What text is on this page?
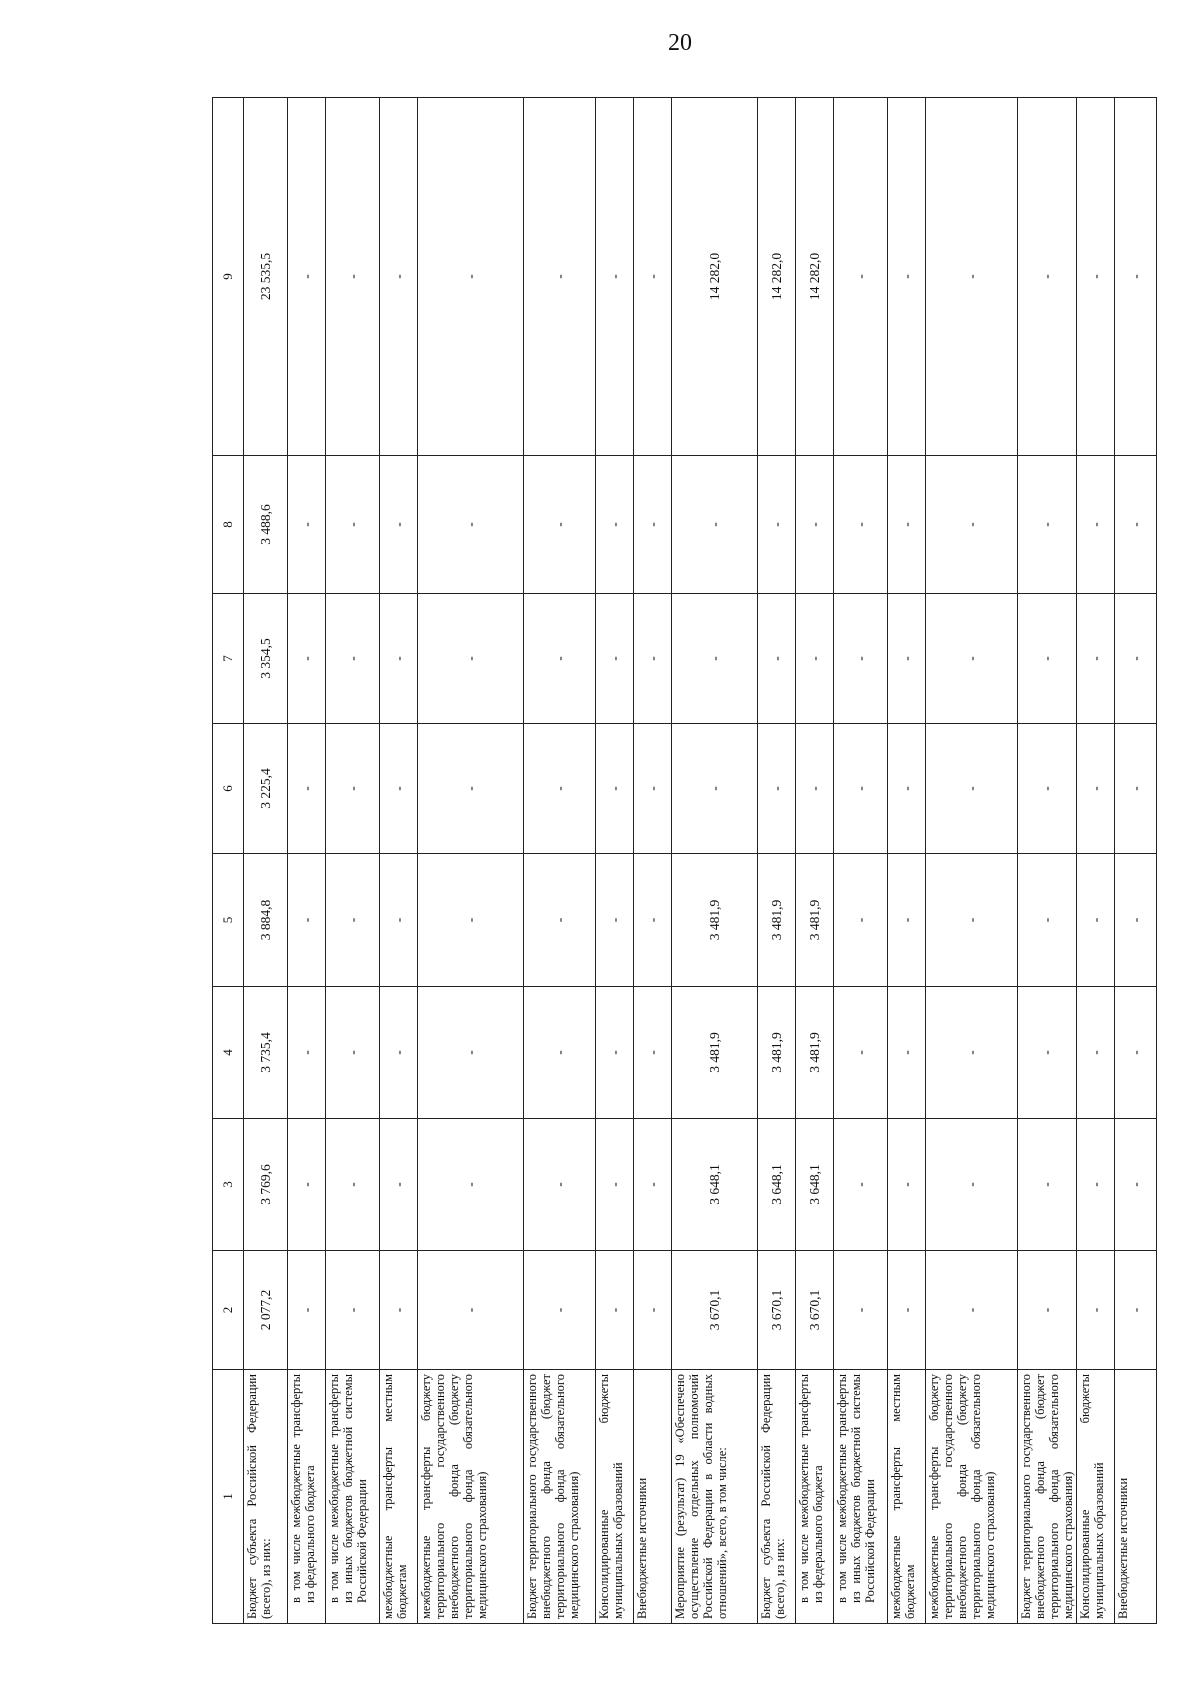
20
1	2	3	4	5	6	7	8	9
Бюджет субъекта Российской Федерации (всего), из них:	2 077,2	3 769,6	3 735,4	3 884,8	3 225,4	3 354,5	3 488,6	23 535,5
в том числе межбюджетные трансферты из федерального бюджета	-	-	-	-	-	-	-	-
в том числе межбюджетные трансферты из иных бюджетов бюджетной системы Российской Федерации	-	-	-	-	-	-	-	-
межбюджетные трансферты местным бюджетам	-	-	-	-	-	-	-	-
межбюджетные трансферты бюджету территориального государственного внебюджетного фонда (бюджету территориального фонда обязательного медицинского страхования)	-	-	-	-	-	-	-	-
Бюджет территориального государственного внебюджетного фонда (бюджет территориального фонда обязательного медицинского страхования)	-	-	-	-	-	-	-	-
Консолидированные бюджеты муниципальных образований	-	-	-	-	-	-	-	-
Внебюджетные источники	-	-	-	-	-	-	-	-
Мероприятие (результат) 19 «Обеспечено осуществление отдельных полномочий Российской Федерации в области водных отношений», всего, в том числе:	3 670,1	3 648,1	3 481,9	3 481,9	-	-	-	14 282,0
Бюджет субъекта Российской Федерации (всего), из них:	3 670,1	3 648,1	3 481,9	3 481,9	-	-	-	14 282,0
в том числе межбюджетные трансферты из федерального бюджета	3 670,1	3 648,1	3 481,9	3 481,9	-	-	-	14 282,0
в том числе межбюджетные трансферты из иных бюджетов бюджетной системы Российской Федерации	-	-	-	-	-	-	-	-
межбюджетные трансферты местным бюджетам	-	-	-	-	-	-	-	-
межбюджетные трансферты бюджету территориального государственного внебюджетного фонда (бюджету территориального фонда обязательного медицинского страхования)	-	-	-	-	-	-	-	-
Бюджет территориального государственного внебюджетного фонда (бюджет территориального фонда обязательного медицинского страхования)	-	-	-	-	-	-	-	-
Консолидированные бюджеты муниципальных образований	-	-	-	-	-	-	-	-
Внебюджетные источники	-	-	-	-	-	-	-	-
